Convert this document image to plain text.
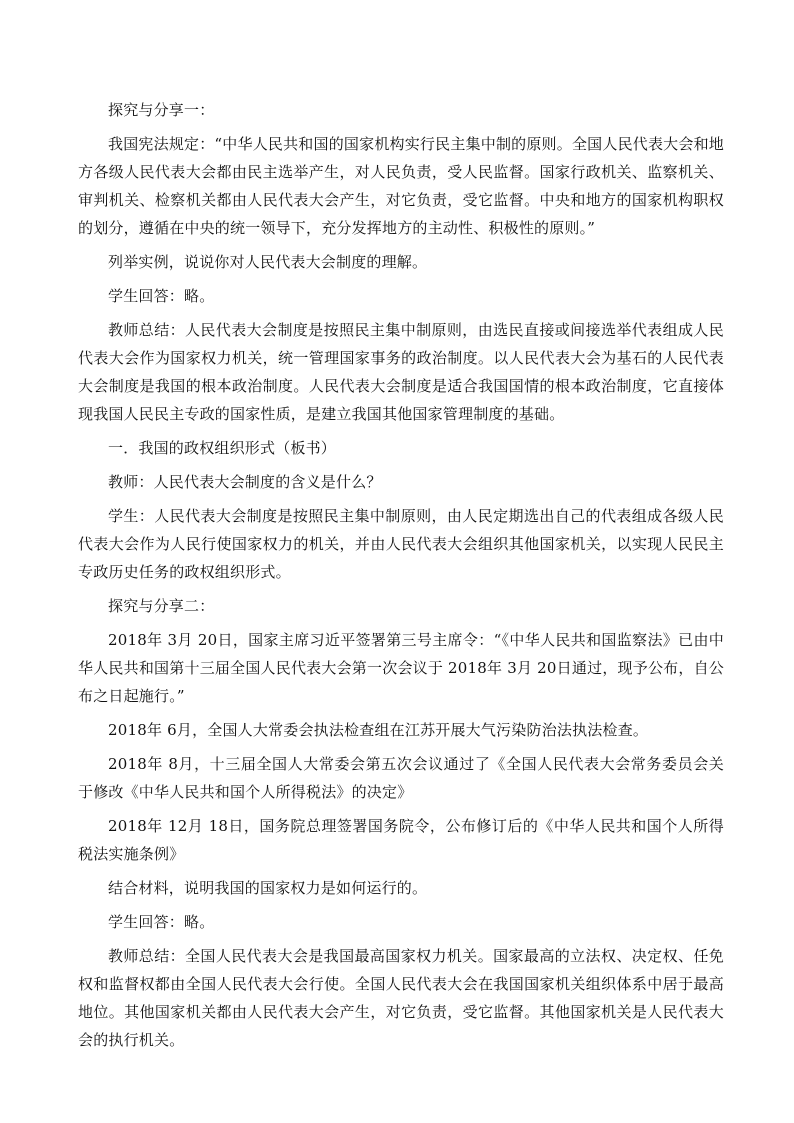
探究与分享一：

我国宪法规定：“中华人民共和国的国家机构实行民主集中制的原则。全国人民代表大会和地方各级人民代表大会都由民主选举产生，对人民负责，受人民监督。国家行政机关、监察机关、审判机关、检察机关都由人民代表大会产生，对它负责，受它监督。中央和地方的国家机构职权的划分，遵循在中央的统一领导下，充分发挥地方的主动性、积极性的原则。”

列举实例，说说你对人民代表大会制度的理解。

学生回答：略。

教师总结：人民代表大会制度是按照民主集中制原则，由选民直接或间接选举代表组成人民代表大会作为国家权力机关，统一管理国家事务的政治制度。以人民代表大会为基石的人民代表大会制度是我国的根本政治制度。人民代表大会制度是适合我国国情的根本政治制度，它直接体现我国人民民主专政的国家性质，是建立我国其他国家管理制度的基础。

一．我国的政权组织形式（板书）

教师：人民代表大会制度的含义是什么？

学生：人民代表大会制度是按照民主集中制原则，由人民定期选出自己的代表组成各级人民代表大会作为人民行使国家权力的机关，并由人民代表大会组织其他国家机关，以实现人民民主专政历史任务的政权组织形式。

探究与分享二：

2018年 3月 20日，国家主席习近平签署第三号主席令：“《中华人民共和国监察法》已由中华人民共和国第十三届全国人民代表大会第一次会议于 2018年 3月 20日通过，现予公布，自公布之日起施行。”

2018年 6月，全国人大常委会执法检查组在江苏开展大气污染防治法执法检查。

2018年 8月，十三届全国人大常委会第五次会议通过了《全国人民代表大会常务委员会关于修改《中华人民共和国个人所得税法》的决定》

2018年 12月 18日，国务院总理签署国务院令，公布修订后的《中华人民共和国个人所得税法实施条例》

结合材料，说明我国的国家权力是如何运行的。

学生回答：略。

教师总结：全国人民代表大会是我国最高国家权力机关。国家最高的立法权、决定权、任免权和监督权都由全国人民代表大会行使。全国人民代表大会在我国国家机关组织体系中居于最高地位。其他国家机关都由人民代表大会产生，对它负责，受它监督。其他国家机关是人民代表大会的执行机关。
